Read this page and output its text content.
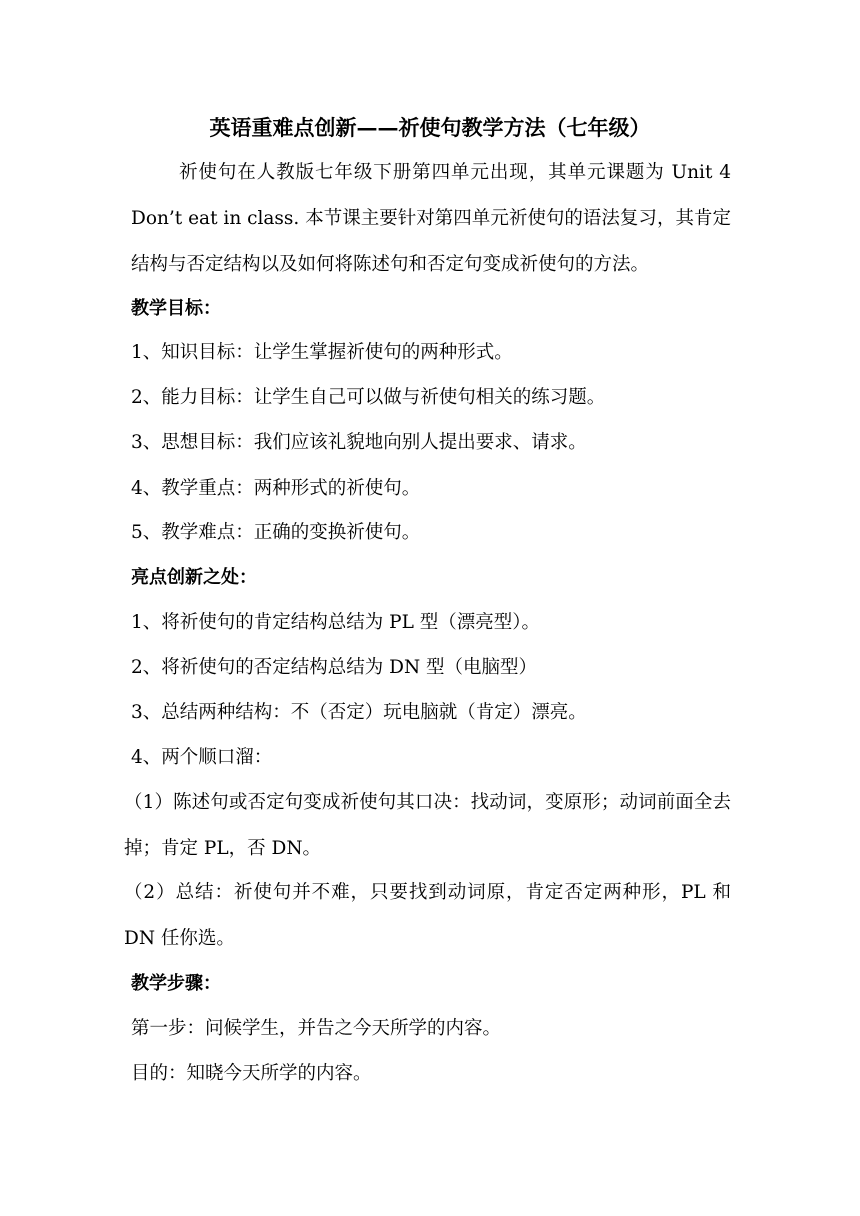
英语重难点创新——祈使句教学方法（七年级）
祈使句在人教版七年级下册第四单元出现，其单元课题为 Unit 4 Don’t eat in class. 本节课主要针对第四单元祈使句的语法复习，其肯定结构与否定结构以及如何将陈述句和否定句变成祈使句的方法。
教学目标：
1、知识目标：让学生掌握祈使句的两种形式。
2、能力目标：让学生自己可以做与祈使句相关的练习题。
3、思想目标：我们应该礼貌地向别人提出要求、请求。
4、教学重点：两种形式的祈使句。
5、教学难点：正确的变换祈使句。
亮点创新之处：
1、将祈使句的肯定结构总结为 PL 型（漂亮型）。
2、将祈使句的否定结构总结为 DN 型（电脑型）
3、总结两种结构：不（否定）玩电脑就（肯定）漂亮。
4、两个顺口溜：
（1）陈述句或否定句变成祈使句其口决：找动词，变原形；动词前面全去掉；肯定 PL，否 DN。
（2）总结：祈使句并不难，只要找到动词原，肯定否定两种形，PL 和 DN 任你选。
教学步骤：
第一步：问候学生，并告之今天所学的内容。
目的：知晓今天所学的内容。
